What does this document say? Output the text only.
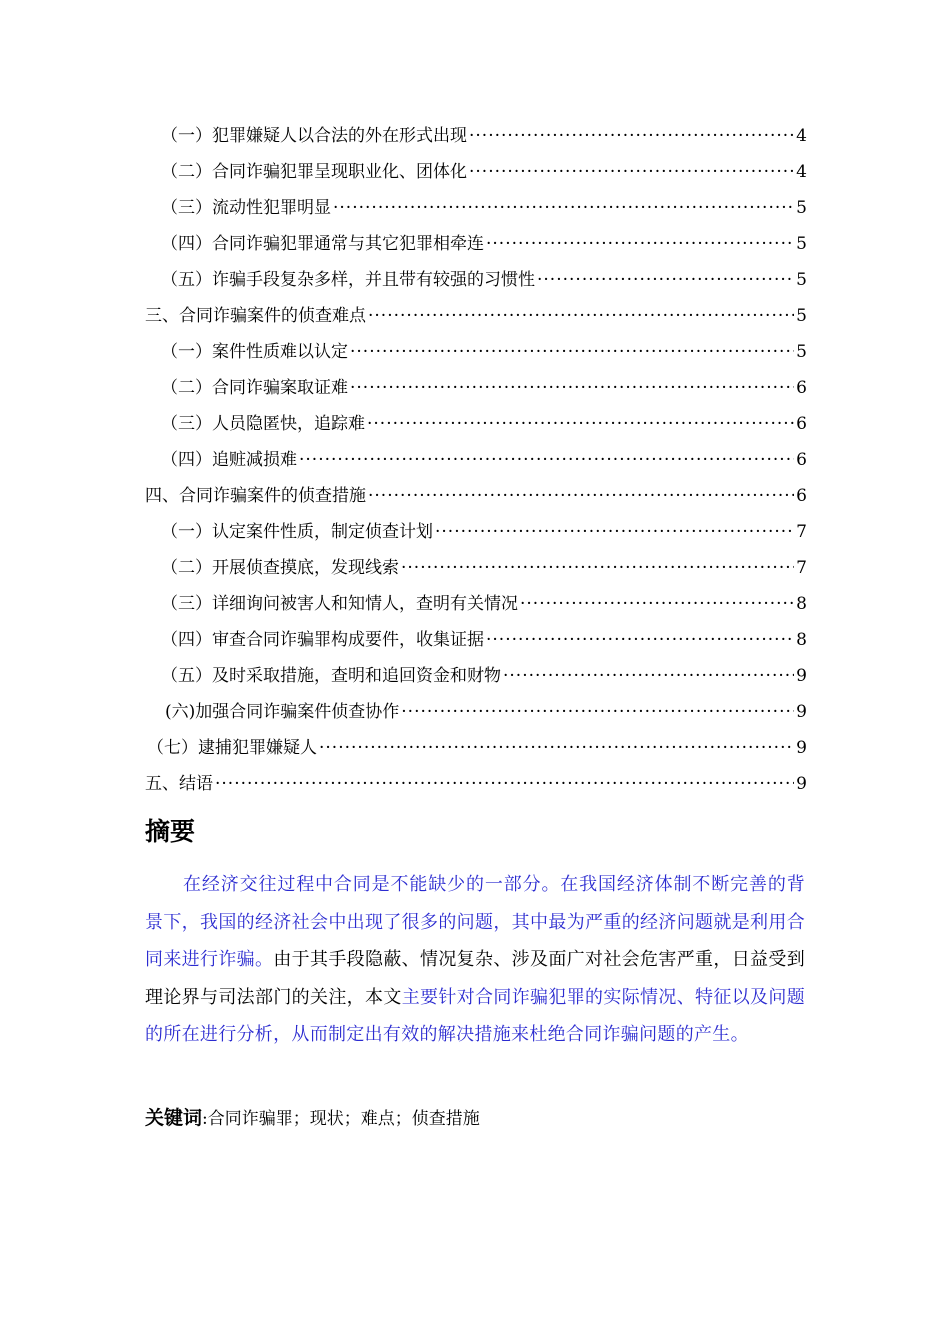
（一）犯罪嫌疑人以合法的外在形式出现 ·····	4
（二）合同诈骗犯罪呈现职业化、团体化 ·····	4
（三）流动性犯罪明显 ·····	5
（四）合同诈骗犯罪通常与其它犯罪相牵连 ·····	5
（五）诈骗手段复杂多样，并且带有较强的习惯性 ·····	5
三、合同诈骗案件的侦查难点 ·····	5
（一）案件性质难以认定 ·····	5
（二）合同诈骗案取证难 ·····	6
（三）人员隐匿快，追踪难 ·····	6
（四）追赃减损难 ·····	6
四、合同诈骗案件的侦查措施 ·····	6
（一）认定案件性质，制定侦查计划 ·····	7
（二）开展侦查摸底，发现线索 ·····	7
（三）详细询问被害人和知情人，查明有关情况 ·····	8
（四）审查合同诈骗罪构成要件，收集证据 ·····	8
（五）及时采取措施，查明和追回资金和财物 ·····	9
(六)加强合同诈骗案件侦查协作 ·····	9
（七）逮捕犯罪嫌疑人 ·····	9
五、结语 ·····	9
摘要
在经济交往过程中合同是不能缺少的一部分。在我国经济体制不断完善的背景下，我国的经济社会中出现了很多的问题，其中最为严重的经济问题就是利用合同来进行诈骗。由于其手段隐蔽、情况复杂、涉及面广对社会危害严重，日益受到理论界与司法部门的关注，本文主要针对合同诈骗犯罪的实际情况、特征以及问题的所在进行分析，从而制定出有效的解决措施来杜绝合同诈骗问题的产生。
关键词:合同诈骗罪；现状；难点；侦查措施
